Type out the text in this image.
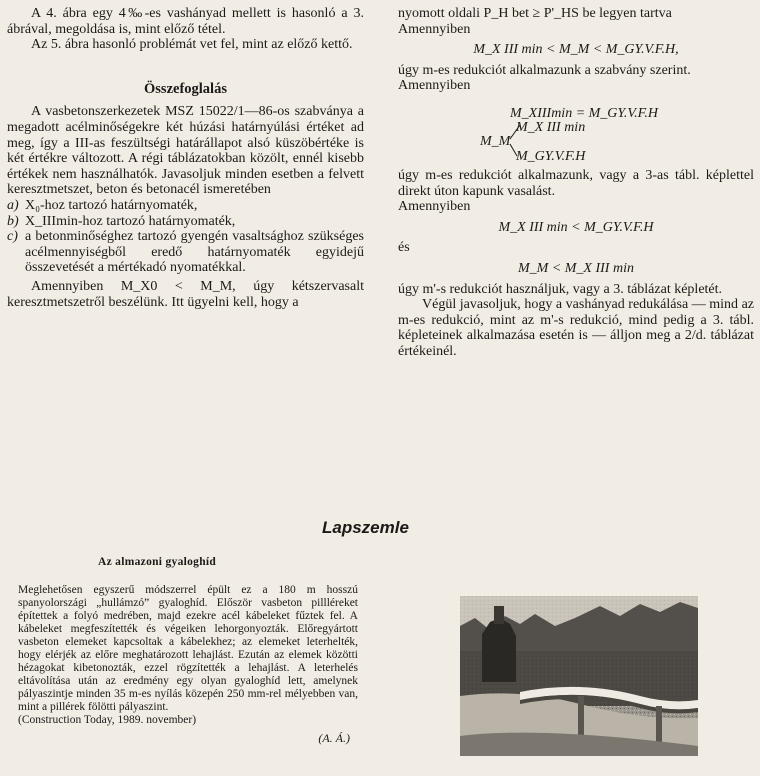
A 4. ábra egy 4‰-es vashányad mellett is hasonló a 3. ábrával, megoldása is, mint előző tétel.

Az 5. ábra hasonló problémát vet fel, mint az előző kettő.

Összefoglalás

A vasbetonszerkezetek MSZ 15022/1—86-os szabványa a megadott acélminőségekre két húzási határnyúlási értéket ad meg, így a III-as feszültségi határállapot alsó küszöbértéke is két értékre változott. A régi táblázatokban közölt, ennél kisebb értékek nem használhatók. Javasoljuk minden esetben a felvett keresztmetszet, beton és betonacél ismeretében

a) X₀-hoz tartozó határnyomaték,
b) X_IIImin-hoz tartozó határnyomaték,
c) a betonminőséghez tartozó gyengén vasaltsághoz szükséges acélmennyiségből eredő határnyomaték egyidejű összevetését a mértékadó nyomatékkal.

Amennyiben M_X0 < M_M, úgy kétszervasalt keresztmetszetről beszélünk. Itt ügyelni kell, hogy a

nyomott oldali P_H bet ≥ P'_HS be legyen tartva

Amennyiben

M_X III min < M_M < M_GY.V.F.H,

úgy m-es redukciót alkalmazunk a szabvány szerint.

Amennyiben

M_XIIImin = M_GY.V.F.H
M_X III min
M_M
M_GY.V.F.H

úgy m-es redukciót alkalmazunk, vagy a 3-as tábl. képlettel direkt úton kapunk vasalást.

Amennyiben

M_X III min < M_GY.V.F.H

és

M_M < M_X III min

úgy m'-s redukciót használjuk, vagy a 3. táblázat képletét.

Végül javasoljuk, hogy a vashányad redukálása — mind az m-es redukció, mint az m'-s redukció, mind pedig a 3. tábl. képleteinek alkalmazása esetén is — álljon meg a 2/d. táblázat értékeinél.

Lapszemle

Az almazoni gyaloghíd

Meglehetősen egyszerű módszerrel épült ez a 180 m hosszú spanyolországi „hullámzó” gyaloghíd. Először vasbeton pillléreket építettek a folyó medrében, majd ezekre acél kábeleket fűztek fel. A kábeleket megfeszítették és végeiken lehorgonyozták. Előregyártott vasbeton elemeket kapcsoltak a kábelekhez; az elemeket leterhelték, hogy elérjék az előre meghatározott lehajlást. Ezután az elemek közötti hézagokat kibetonozták, ezzel rögzítették a lehajlást. A leterhelés eltávolítása után az eredmény egy olyan gyaloghíd lett, amelynek pályaszintje minden 35 m-es nyílás közepén 250 mm-rel mélyebben van, mint a pillérek fölötti pályaszint.

(Construction Today, 1989. november)

(A. Á.)
